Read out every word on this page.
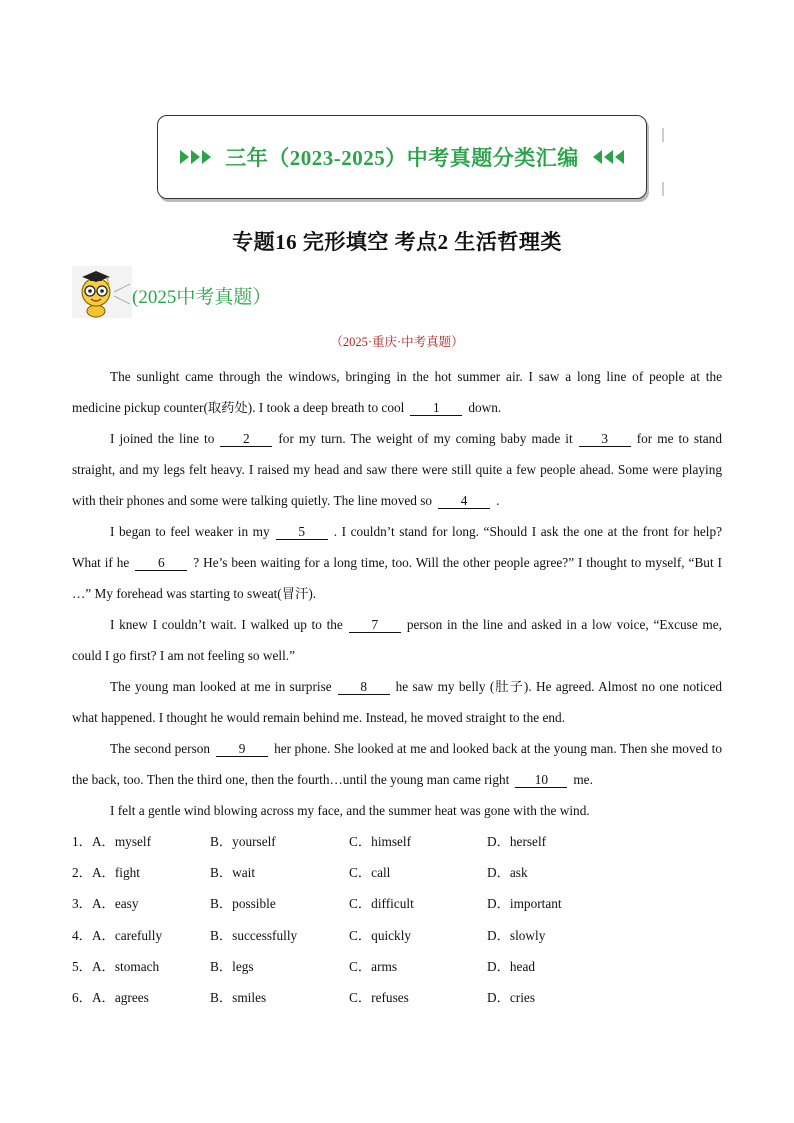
三年（2023-2025）中考真题分类汇编
专题16 完形填空 考点2 生活哲理类
(2025中考真题）
（2025·重庆·中考真题）

The sunlight came through the windows, bringing in the hot summer air. I saw a long line of people at the medicine pickup counter(取药处). I took a deep breath to cool 1 down.

I joined the line to 2 for my turn. The weight of my coming baby made it 3 for me to stand straight, and my legs felt heavy. I raised my head and saw there were still quite a few people ahead. Some were playing with their phones and some were talking quietly. The line moved so 4 .

I began to feel weaker in my 5 . I couldn’t stand for long. “Should I ask the one at the front for help? What if he 6 ? He’s been waiting for a long time, too. Will the other people agree?” I thought to myself, “But I …” My forehead was starting to sweat(冒汗).

I knew I couldn’t wait. I walked up to the 7 person in the line and asked in a low voice, “Excuse me, could I go first? I am not feeling so well.”

The young man looked at me in surprise 8 he saw my belly (肚子). He agreed. Almost no one noticed what happened. I thought he would remain behind me. Instead, he moved straight to the end.

The second person 9 her phone. She looked at me and looked back at the young man. Then she moved to the back, too. Then the third one, then the fourth…until the young man came right 10 me.

I felt a gentle wind blowing across my face, and the summer heat was gone with the wind.

1．A．myself	B．yourself	C．himself	D．herself
2．A．fight	B．wait	C．call	D．ask
3．A．easy	B．possible	C．difficult	D．important
4．A．carefully	B．successfully	C．quickly	D．slowly
5．A．stomach	B．legs	C．arms	D．head
6．A．agrees	B．smiles	C．refuses	D．cries
